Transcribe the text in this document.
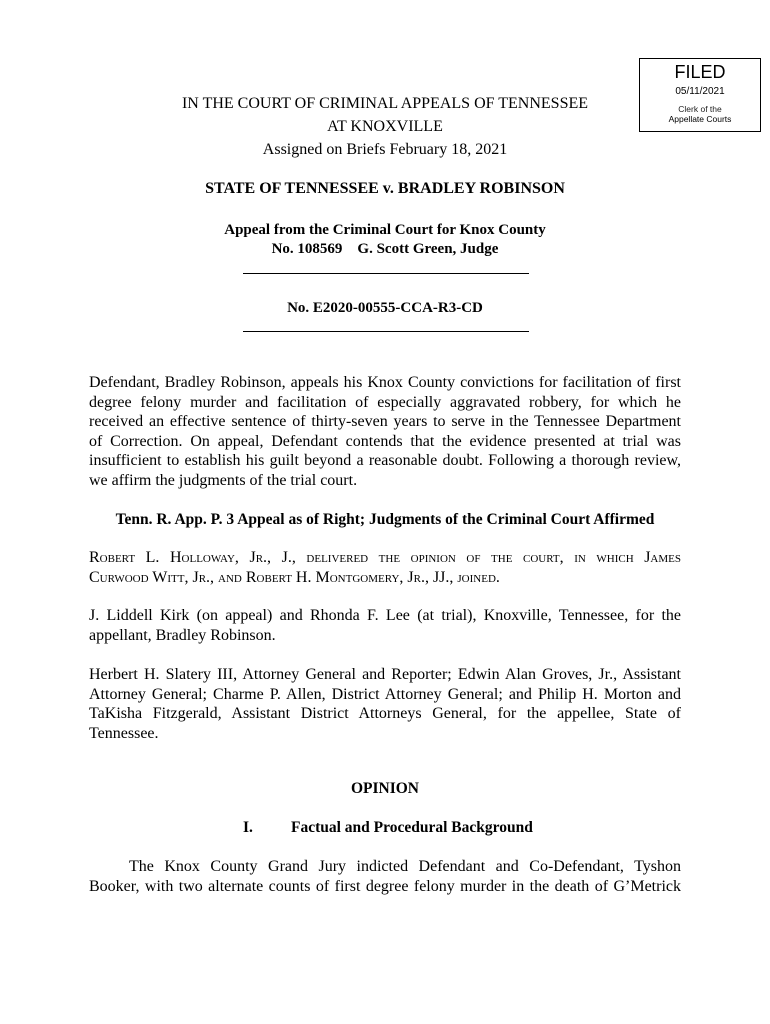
FILED
05/11/2021
Clerk of the
Appellate Courts
IN THE COURT OF CRIMINAL APPEALS OF TENNESSEE
AT KNOXVILLE
Assigned on Briefs February 18, 2021
STATE OF TENNESSEE v. BRADLEY ROBINSON
Appeal from the Criminal Court for Knox County
No. 108569    G. Scott Green, Judge
No. E2020-00555-CCA-R3-CD
Defendant, Bradley Robinson, appeals his Knox County convictions for facilitation of first
degree felony murder and facilitation of especially aggravated robbery, for which he
received an effective sentence of thirty-seven years to serve in the Tennessee Department
of Correction. On appeal, Defendant contends that the evidence presented at trial was
insufficient to establish his guilt beyond a reasonable doubt. Following a thorough review,
we affirm the judgments of the trial court.
Tenn. R. App. P. 3 Appeal as of Right; Judgments of the Criminal Court Affirmed
Robert L. Holloway, Jr., J., delivered the opinion of the court, in which James
Curwood Witt, Jr., and Robert H. Montgomery, Jr., JJ., joined.
J. Liddell Kirk (on appeal) and Rhonda F. Lee (at trial), Knoxville, Tennessee, for the
appellant, Bradley Robinson.
Herbert H. Slatery III, Attorney General and Reporter; Edwin Alan Groves, Jr., Assistant
Attorney General; Charme P. Allen, District Attorney General; and Philip H. Morton and
TaKisha Fitzgerald, Assistant District Attorneys General, for the appellee, State of
Tennessee.
OPINION
I. Factual and Procedural Background
The Knox County Grand Jury indicted Defendant and Co-Defendant, Tyshon
Booker, with two alternate counts of first degree felony murder in the death of G’Metrick
